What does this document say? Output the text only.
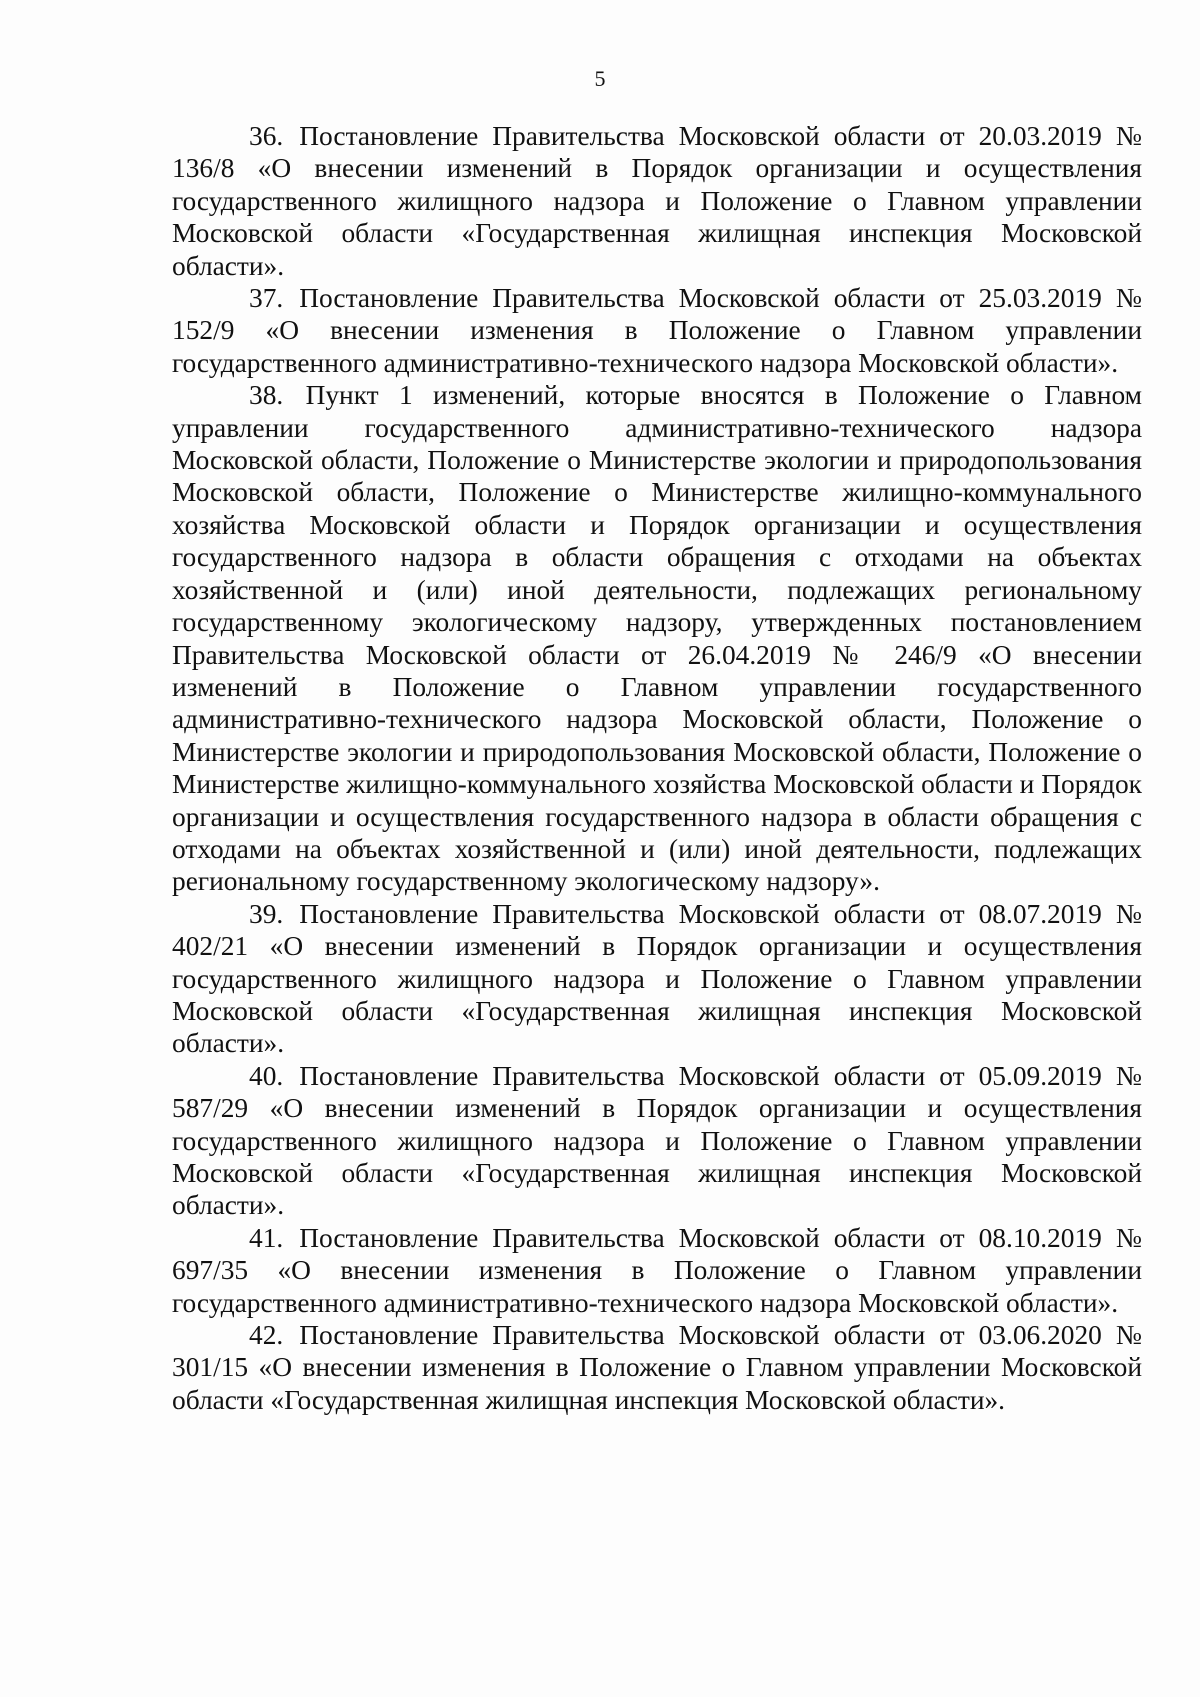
5

36. Постановление Правительства Московской области от 20.03.2019 № 136/8 «О внесении изменений в Порядок организации и осуществления государственного жилищного надзора и Положение о Главном управлении Московской области «Государственная жилищная инспекция Московской области».

37. Постановление Правительства Московской области от 25.03.2019 № 152/9 «О внесении изменения в Положение о Главном управлении государственного административно-технического надзора Московской области».

38. Пункт 1 изменений, которые вносятся в Положение о Главном управлении государственного административно-технического надзора Московской области, Положение о Министерстве экологии и природопользования Московской области, Положение о Министерстве жилищно-коммунального хозяйства Московской области и Порядок организации и осуществления государственного надзора в области обращения с отходами на объектах хозяйственной и (или) иной деятельности, подлежащих региональному государственному экологическому надзору, утвержденных постановлением Правительства Московской области от 26.04.2019 № 246/9 «О внесении изменений в Положение о Главном управлении государственного административно-технического надзора Московской области, Положение о Министерстве экологии и природопользования Московской области, Положение о Министерстве жилищно-коммунального хозяйства Московской области и Порядок организации и осуществления государственного надзора в области обращения с отходами на объектах хозяйственной и (или) иной деятельности, подлежащих региональному государственному экологическому надзору».

39. Постановление Правительства Московской области от 08.07.2019 № 402/21 «О внесении изменений в Порядок организации и осуществления государственного жилищного надзора и Положение о Главном управлении Московской области «Государственная жилищная инспекция Московской области».

40. Постановление Правительства Московской области от 05.09.2019 № 587/29 «О внесении изменений в Порядок организации и осуществления государственного жилищного надзора и Положение о Главном управлении Московской области «Государственная жилищная инспекция Московской области».

41. Постановление Правительства Московской области от 08.10.2019 № 697/35 «О внесении изменения в Положение о Главном управлении государственного административно-технического надзора Московской области».

42. Постановление Правительства Московской области от 03.06.2020 № 301/15 «О внесении изменения в Положение о Главном управлении Московской области «Государственная жилищная инспекция Московской области».
